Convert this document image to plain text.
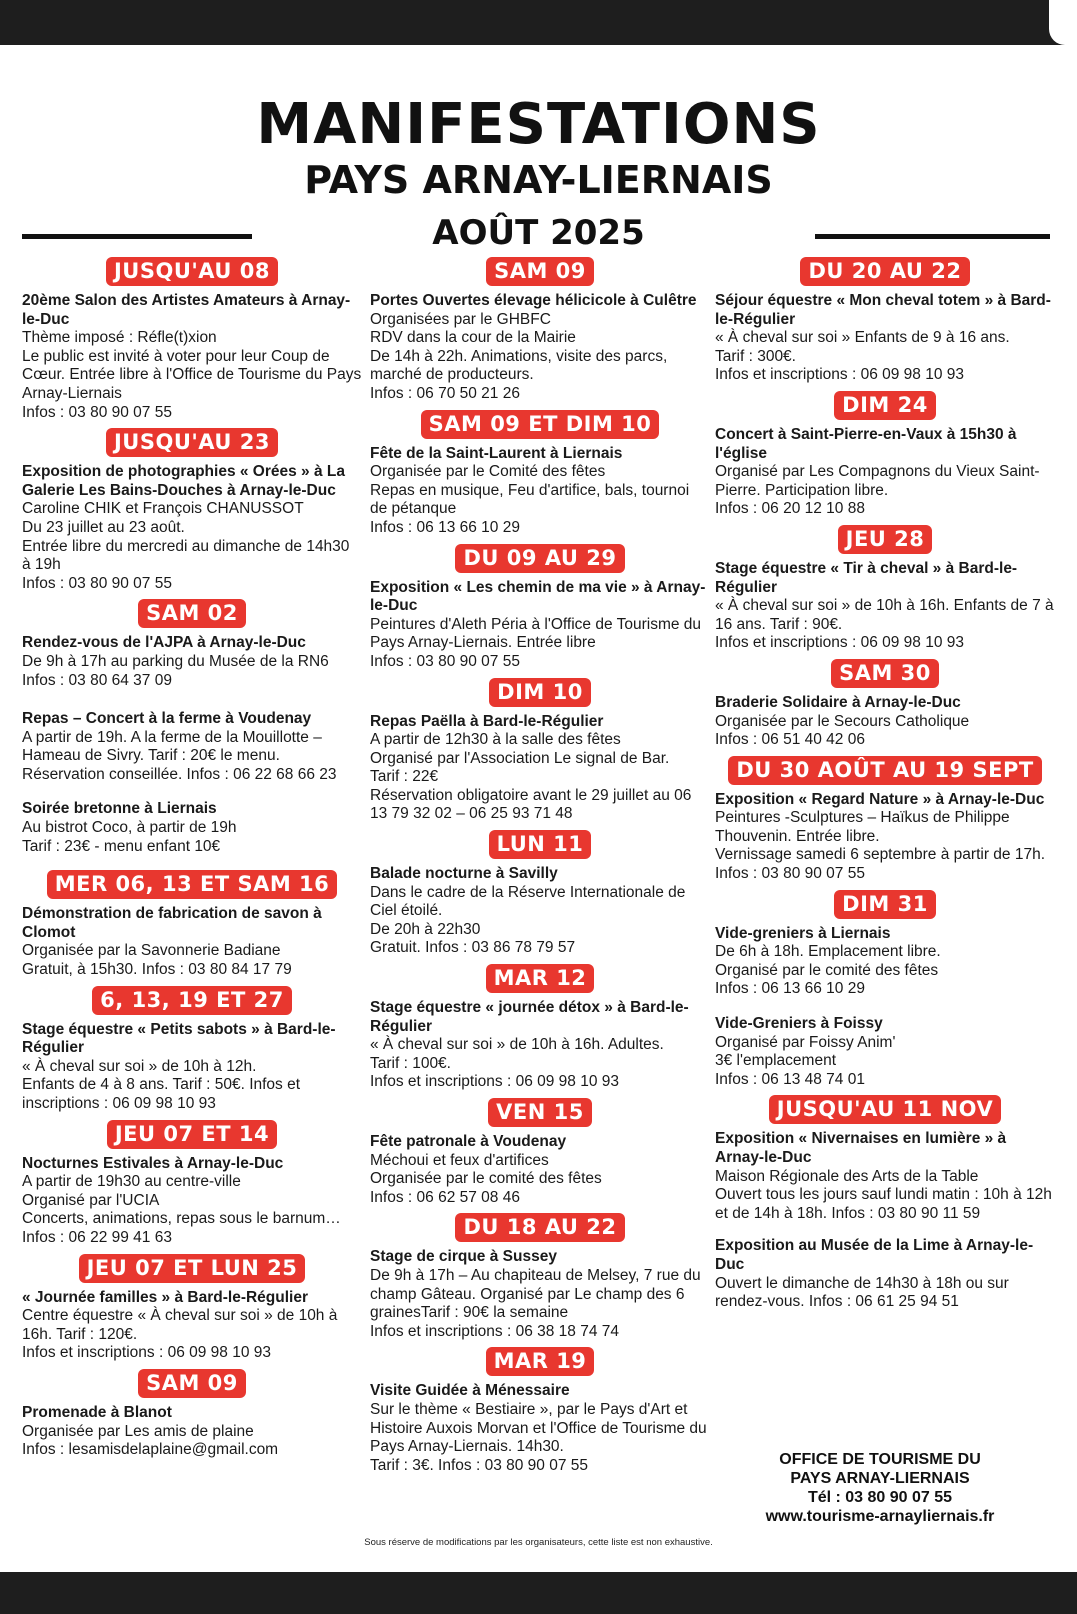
MANIFESTATIONS
PAYS ARNAY-LIERNAIS
AOÛT 2025
JUSQU'AU 08
20ème Salon des Artistes Amateurs à Arnay-le-Duc
Thème imposé : Réfle(t)xion
Le public est invité à voter pour leur Coup de Cœur. Entrée libre à l'Office de Tourisme du Pays Arnay-Liernais
Infos : 03 80 90 07 55
JUSQU'AU 23
Exposition de photographies « Orées » à La Galerie Les Bains-Douches à Arnay-le-Duc
Caroline CHIK et François CHANUSSOT
Du 23 juillet au 23 août.
Entrée libre du mercredi au dimanche de 14h30 à 19h
Infos : 03 80 90 07 55
SAM 02
Rendez-vous de l'AJPA à Arnay-le-Duc
De 9h à 17h au parking du Musée de la RN6
Infos : 03 80 64 37 09
Repas – Concert à la ferme à Voudenay
A partir de 19h. A la ferme de la Mouillotte – Hameau de Sivry. Tarif : 20€ le menu.
Réservation conseillée. Infos : 06 22 68 66 23
Soirée bretonne à Liernais
Au bistrot Coco, à partir de 19h
Tarif : 23€ - menu enfant 10€
MER 06, 13 ET SAM 16
Démonstration de fabrication de savon à Clomot
Organisée par la Savonnerie Badiane
Gratuit, à 15h30. Infos : 03 80 84 17 79
6, 13, 19 ET 27
Stage équestre « Petits sabots » à Bard-le-Régulier
« À cheval sur soi » de 10h à 12h.
Enfants de 4 à 8 ans. Tarif : 50€. Infos et inscriptions : 06 09 98 10 93
JEU 07 ET 14
Nocturnes Estivales à Arnay-le-Duc
A partir de 19h30 au centre-ville
Organisé par l'UCIA
Concerts, animations, repas sous le barnum… Infos : 06 22 99 41 63
JEU 07 ET LUN 25
« Journée familles » à Bard-le-Régulier
Centre équestre « À cheval sur soi » de 10h à 16h. Tarif : 120€.
Infos et inscriptions : 06 09 98 10 93
SAM 09
Promenade à Blanot
Organisée par Les amis de plaine
Infos : lesamisdelaplaine@gmail.com
SAM 09
Portes Ouvertes élevage hélicicole à Culêtre
Organisées par le GHBFC
RDV dans la cour de la Mairie
De 14h à 22h. Animations, visite des parcs, marché de producteurs.
Infos : 06 70 50 21 26
SAM 09 ET DIM 10
Fête de la Saint-Laurent à Liernais
Organisée par le Comité des fêtes
Repas en musique, Feu d'artifice, bals, tournoi de pétanque
Infos : 06 13 66 10 29
DU 09 AU 29
Exposition « Les chemin de ma vie » à Arnay-le-Duc
Peintures d'Aleth Péria à l'Office de Tourisme du Pays Arnay-Liernais. Entrée libre
Infos : 03 80 90 07 55
DIM 10
Repas Paëlla à Bard-le-Régulier
A partir de 12h30 à la salle des fêtes
Organisé par l'Association Le signal de Bar.
Tarif : 22€
Réservation obligatoire avant le 29 juillet au 06 13 79 32 02 – 06 25 93 71 48
LUN 11
Balade nocturne à Savilly
Dans le cadre de la Réserve Internationale de Ciel étoilé.
De 20h à 22h30
Gratuit. Infos : 03 86 78 79 57
MAR 12
Stage équestre « journée détox » à Bard-le-Régulier
« À cheval sur soi » de 10h à 16h. Adultes.
Tarif : 100€.
Infos et inscriptions : 06 09 98 10 93
VEN 15
Fête patronale à Voudenay
Méchoui et feux d'artifices
Organisée par le comité des fêtes
Infos : 06 62 57 08 46
DU 18 AU 22
Stage de cirque à Sussey
De 9h à 17h – Au chapiteau de Melsey, 7 rue du champ Gâteau. Organisé par Le champ des 6 grainesTarif : 90€ la semaine
Infos et inscriptions : 06 38 18 74 74
MAR 19
Visite Guidée à Ménessaire
Sur le thème « Bestiaire », par le Pays d'Art et Histoire Auxois Morvan et l'Office de Tourisme du Pays Arnay-Liernais. 14h30.
Tarif : 3€. Infos : 03 80 90 07 55
DU 20 AU 22
Séjour équestre « Mon cheval totem » à Bard-le-Régulier
« À cheval sur soi » Enfants de 9 à 16 ans.
Tarif : 300€.
Infos et inscriptions : 06 09 98 10 93
DIM 24
Concert à Saint-Pierre-en-Vaux à 15h30 à l'église
Organisé par Les Compagnons du Vieux Saint-Pierre. Participation libre.
Infos : 06 20 12 10 88
JEU 28
Stage équestre « Tir à cheval » à Bard-le-Régulier
« À cheval sur soi » de 10h à 16h. Enfants de 7 à 16 ans. Tarif : 90€.
Infos et inscriptions : 06 09 98 10 93
SAM 30
Braderie Solidaire à Arnay-le-Duc
Organisée par le Secours Catholique
Infos : 06 51 40 42 06
DU 30 AOÛT AU 19 SEPT
Exposition « Regard Nature » à Arnay-le-Duc
Peintures -Sculptures – Haïkus de Philippe Thouvenin. Entrée libre.
Vernissage samedi 6 septembre à partir de 17h. Infos : 03 80 90 07 55
DIM 31
Vide-greniers à Liernais
De 6h à 18h. Emplacement libre.
Organisé par le comité des fêtes
Infos : 06 13 66 10 29
Vide-Greniers à Foissy
Organisé par Foissy Anim'
3€ l'emplacement
Infos : 06 13 48 74 01
JUSQU'AU 11 NOV
Exposition « Nivernaises en lumière » à Arnay-le-Duc
Maison Régionale des Arts de la Table
Ouvert tous les jours sauf lundi matin : 10h à 12h et de 14h à 18h. Infos : 03 80 90 11 59
Exposition au Musée de la Lime à Arnay-le-Duc
Ouvert le dimanche de 14h30 à 18h ou sur rendez-vous. Infos : 06 61 25 94 51
OFFICE DE TOURISME DU
PAYS ARNAY-LIERNAIS
Tél : 03 80 90 07 55
www.tourisme-arnayliernais.fr
Sous réserve de modifications par les organisateurs, cette liste est non exhaustive.
